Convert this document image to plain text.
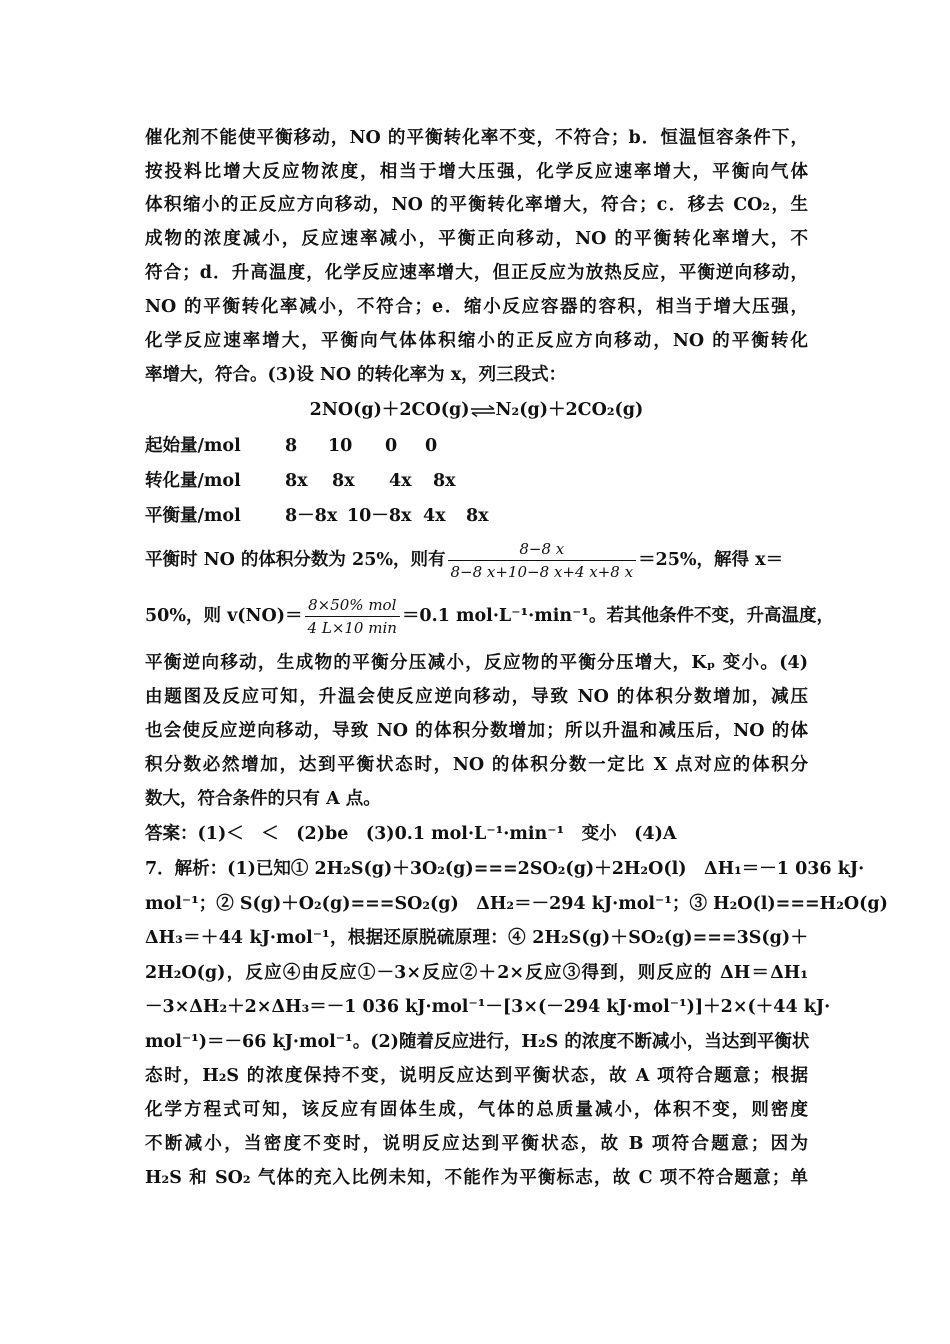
催化剂不能使平衡移动，NO 的平衡转化率不变，不符合；b．恒温恒容条件下，
按投料比增大反应物浓度，相当于增大压强，化学反应速率增大，平衡向气体
体积缩小的正反应方向移动，NO 的平衡转化率增大，符合；c．移去 CO₂，生
成物的浓度减小，反应速率减小，平衡正向移动，NO 的平衡转化率增大，不
符合；d．升高温度，化学反应速率增大，但正反应为放热反应，平衡逆向移动，
NO 的平衡转化率减小，不符合；e．缩小反应容器的容积，相当于增大压强，
化学反应速率增大，平衡向气体体积缩小的正反应方向移动，NO 的平衡转化
率增大，符合。(3)设 NO 的转化率为 x，列三段式：
2NO(g)＋2CO(g)⇌N₂(g)＋2CO₂(g)
起始量/mol	8 10 0 0
转化量/mol	8x 8x 4x 8x
平衡量/mol	8－8x 10－8x 4x 8x
平衡时 NO 的体积分数为 25%，则有 $\frac{8-8 x}{8-8 x+10-8 x+4 x+8 x} =25\%$，解得 x＝
50%，则 $v(NO)= \frac{\text{8×50\% mol}}{4 L\times 10 \min} =0.1$ mol·L⁻¹·min⁻¹。若其他条件不变，升高温度，
平衡逆向移动，生成物的平衡分压减小，反应物的平衡分压增大，Kₚ 变小。(4)
由题图及反应可知，升温会使反应逆向移动，导致 NO 的体积分数增加，减压
也会使反应逆向移动，导致 NO 的体积分数增加；所以升温和减压后，NO 的体
积分数必然增加，达到平衡状态时，NO 的体积分数一定比 X 点对应的体积分
数大，符合条件的只有 A 点。
答案：(1)＜　＜　(2)be　(3)0.1 mol·L⁻¹·min⁻¹　变小　(4)A
7．解析：(1)已知① 2H₂S(g)＋3O₂(g)===2SO₂(g)＋2H₂O(l)　ΔH₁＝－1 036 kJ·
mol⁻¹；② S(g)＋O₂(g)===SO₂(g)　ΔH₂＝－294 kJ·mol⁻¹；③ H₂O(l)===H₂O(g)
ΔH₃＝＋44 kJ·mol⁻¹，根据还原脱硫原理：④ 2H₂S(g)＋SO₂(g)===3S(g)＋
2H₂O(g)，反应④由反应①－3×反应②＋2×反应③得到，则反应的 ΔH＝ΔH₁
－3×ΔH₂＋2×ΔH₃＝－1 036 kJ·mol⁻¹－[3×(－294 kJ·mol⁻¹)]＋2×(＋44 kJ·
mol⁻¹)＝－66 kJ·mol⁻¹。(2)随着反应进行，H₂S 的浓度不断减小，当达到平衡状
态时，H₂S 的浓度保持不变，说明反应达到平衡状态，故 A 项符合题意；根据
化学方程式可知，该反应有固体生成，气体的总质量减小，体积不变，则密度
不断减小，当密度不变时，说明反应达到平衡状态，故 B 项符合题意；因为
H₂S 和 SO₂ 气体的充入比例未知，不能作为平衡标志，故 C 项不符合题意；单
